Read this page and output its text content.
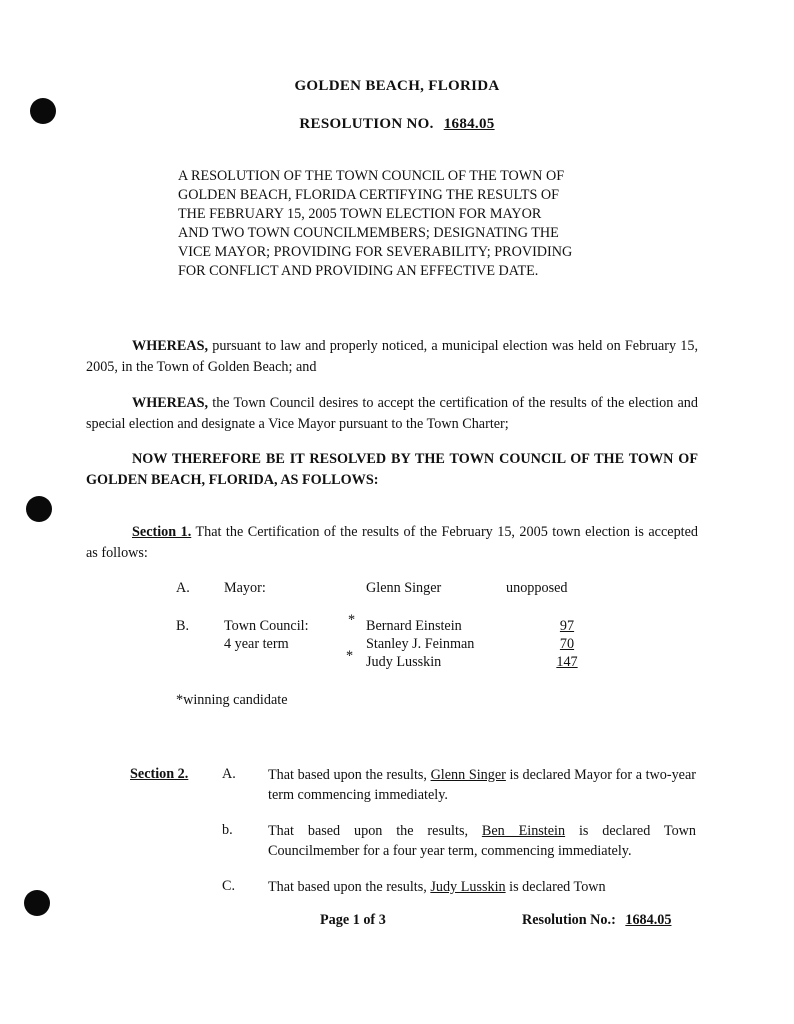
GOLDEN BEACH, FLORIDA
RESOLUTION NO. 1684.05
A RESOLUTION OF THE TOWN COUNCIL OF THE TOWN OF
GOLDEN BEACH, FLORIDA CERTIFYING THE RESULTS OF
THE FEBRUARY 15, 2005 TOWN ELECTION FOR MAYOR
AND TWO TOWN COUNCILMEMBERS; DESIGNATING THE
VICE MAYOR; PROVIDING FOR SEVERABILITY; PROVIDING
FOR CONFLICT AND PROVIDING AN EFFECTIVE DATE.
WHEREAS, pursuant to law and properly noticed, a municipal election was held on February 15, 2005, in the Town of Golden Beach; and
WHEREAS, the Town Council desires to accept the certification of the results of the election and special election and designate a Vice Mayor pursuant to the Town Charter;
NOW THEREFORE BE IT RESOLVED BY THE TOWN COUNCIL OF THE TOWN OF GOLDEN BEACH, FLORIDA, AS FOLLOWS:
Section 1. That the Certification of the results of the February 15, 2005 town election is accepted as follows:
A. Mayor:	Glenn Singer	unopposed
B. Town Council:
4 year term
* Bernard Einstein	97
Stanley J. Feinman	70
* Judy Lusskin	147
*winning candidate
Section 2. A. That based upon the results, Glenn Singer is declared Mayor for a two-year term commencing immediately.
b. That based upon the results, Ben Einstein is declared Town Councilmember for a four year term, commencing immediately.
C. That based upon the results, Judy Lusskin is declared Town
Page 1 of 3	Resolution No.: 1684.05
